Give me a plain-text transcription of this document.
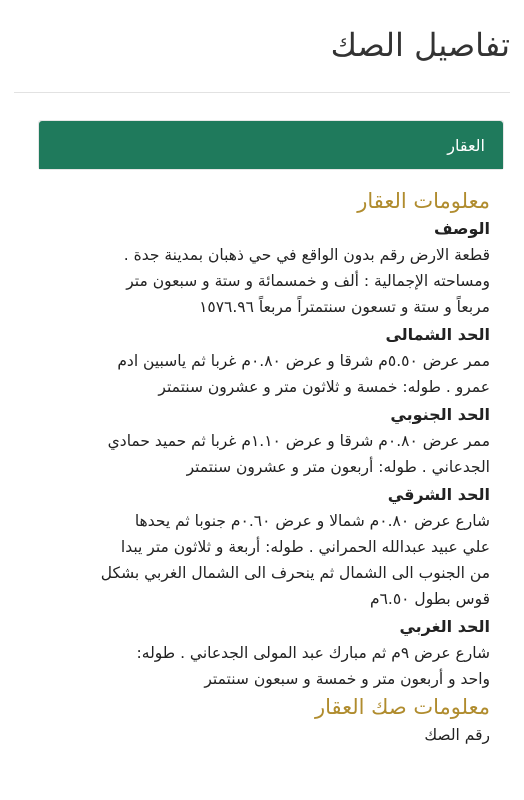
تفاصيل الصك
العقار

معلومات العقار

الوصف

قطعة الارض رقم بدون الواقع في حي ذهبان بمدينة جدة .

ومساحته الإجمالية : ألف و خمسمائة و ستة و سبعون متر

مربعاً و ستة و تسعون سنتمتراً مربعاً ١٥٧٦.٩٦

الحد الشمالى

ممر عرض ٥.٥٠م شرقا و عرض ٠.٨٠م غربا ثم ياسبين ادم

عمرو . طوله: خمسة و ثلاثون متر و عشرون سنتمتر

الحد الجنوبي

ممر عرض ٠.٨٠م شرقا و عرض ١.١٠م غربا ثم حميد حمادي

الجدعاني . طوله: أربعون متر و عشرون سنتمتر

الحد الشرقي

شارع عرض ٠.٨٠م شمالا و عرض ٠.٦٠م جنوبا ثم يحدها

علي عبيد عبدالله الحمراني . طوله: أربعة و ثلاثون متر يبدا

من الجنوب الى الشمال ثم ينحرف الى الشمال الغربي بشكل

قوس بطول ٦.٥٠م

الحد الغربي

شارع عرض ٩م ثم مبارك عبد المولى الجدعاني . طوله:

واحد و أربعون متر و خمسة و سبعون سنتمتر

معلومات صك العقار

رقم الصك
